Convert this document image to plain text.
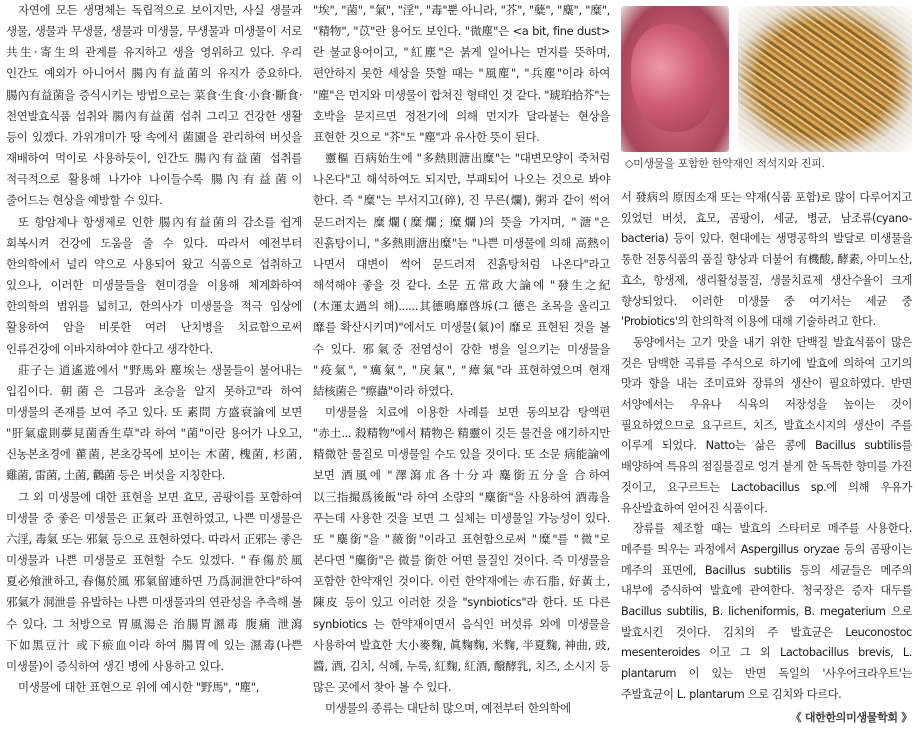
자연에 모든 생명체는 독립적으로 보이지만, 사실 생물과 생물, 생물과 무생물, 생물과 미생물, 무생물과 미생물이 서로 共生·寄生의 관계를 유지하고 생을 영위하고 있다. 우리 인간도 예외가 아니어서 腸內有益菌의 유지가 중요하다. 腸內有益菌을 증식시키는 방법으로는 菜食·生食·小食·斷食·천연발효식품 섭취와 腸內有益菌 섭취 그리고 건강한 생활 등이 있겠다. 가위개미가 땅 속에서 菌園을 관리하여 버섯을 재배하여 먹이로 사용하듯이, 인간도 腸內有益菌 섭취를 적극적으로 활용해 나가야 나이들수록 腸內有益菌이 줄어드는 현상을 예방할 수 있다.

또 항암제나 항생제로 인한 腸內有益菌의 감소를 쉽게 회복시켜 건강에 도움을 줄 수 있다. 따라서 예전부터 한의학에서 널리 약으로 사용되어 왔고 식품으로 섭취하고 있으나, 이러한 미생물들을 현미경을 이용해 체계화하여 한의학의 범위를 넓히고, 한의사가 미생물을 적극 임상에 활용하여 암을 비롯한 여러 난치병을 치료함으로써 인류건강에 이바지하여야 한다고 생각한다.

莊子는 逍遙遊에서 "野馬와 塵埃는 생물들이 불어내는 입김이다. 朝菌은 그믐과 초승을 알지 못하고"라 하여 미생물의 존재를 보여 주고 있다. 또 素問 方盛衰論에 보면 "肝氣虛則夢見菌香生草"라 하여 "菌"이란 용어가 나오고, 신농본초경에 雚菌, 본초강목에 보이는 木菌, 槐菌, 杉菌, 雞菌, 雷菌, 土菌, 鸛菌 등은 버섯을 지칭한다.

그 외 미생물에 대한 표현을 보면 효모, 곰팡이를 포함하여 미생물 중 좋은 미생물은 正氣라 표현하였고, 나쁜 미생물은 六淫, 毒氣 또는 邪氣 등으로 표현하였다. 따라서 正邪는 좋은 미생물과 나쁜 미생물로 표현할 수도 있겠다. "春傷於風 夏必飧泄하고, 春傷於風 邪氣留連하면 乃爲洞泄한다"하여 邪氣가 洞泄를 유발하는 나쁜 미생물과의 연관성을 추측해 볼 수 있다. 그 처방으로 胃風湯은 治腸胃濕毒 腹痛 泄瀉 下如黑豆汁 或下瘀血이라 하여 腸胃에 있는 濕毒(나쁜 미생물)이 증식하여 생긴 병에 사용하고 있다.

미생물에 대한 표현으로 위에 예시한 "野馬", "塵",

"埃", "菌", "氣", "淫", "毒"뿐 아니라, "芥", "糵", "麋", "糜", "精物", "苡"란 용어도 보인다. "微塵"은 <a bit, fine dust>란 불교용어이고, "紅塵"은 붉게 일어나는 먼지를 뜻하며, 편안하지 못한 세상을 뜻할 때는 "風塵", "兵塵"이라 하여 "塵"은 먼지와 미생물이 합쳐진 형태인 것 같다. "琥珀拾芥"는 호박을 문지르면 정전기에 의해 먼지가 달라붙는 현상을 표현한 것으로 "芥"도 "塵"과 유사한 뜻이 된다.

靈樞 百病始生에 "多熱則溏出糜"는 "대변모양이 죽처럼 나온다"고 해석하여도 되지만, 부패되어 나오는 것으로 봐야 한다. 즉 "糜"는 부서지고(碎), 진 무른(爛), 粥과 같이 썩어 문드러지는 糜爛(糜爛; 糜爛)의 뜻을 가지며, "溏"은 진흙탕이니, "多熱則溏出糜"는 "나쁜 미생물에 의해 高熱이 나면서 대변이 썩어 문드러져 진흙탕처럼 나온다"라고 해석해야 좋을 것 같다. 소문 五常政大論에 "發生之紀(木運太過의 해)......其德鳴靡啓坼(그 德은 초목을 울리고 靡를 확산시키며)"에서도 미생물(氣)이 靡로 표현된 것을 볼 수 있다. 邪氣중 전염성이 강한 병을 일으키는 미생물을 "疫氣", "癘氣", "戾氣", "瘴氣"라 표현하였으며 현재 結核菌은 "瘵蟲"이라 하였다.

미생물을 치료에 이용한 사례를 보면 동의보감 탕액편 "赤土... 殺精物"에서 精物은 精靈이 깃든 물건을 얘기하지만 精微한 물질로 미생물일 수도 있을 것이다. 또 소문 病能論에 보면 酒風에 "澤瀉朮各十分과 麋銜五分을 合하여 以三指撮爲後飯"라 하여 소량의 "麋銜"을 사용하여 酒毒을 푸는데 사용한 것을 보면 그 실체는 미생물일 가능성이 있다. 또 "麋銜"을 "薇銜"이라고 표현함으로써 "糜"를 "微"로 본다면 "麋銜"은 微를 銜한 어떤 물질인 것이다. 즉 미생물을 포함한 한약재인 것이다. 이런 한약재에는 赤石脂, 好黃土, 陳皮 등이 있고 이러한 것을 "synbiotics"라 한다. 또 다른 synbiotics 는 한약재이면서 음식인 버섯류 외에 미생물을 사용하여 발효한 大小麥麴, 眞麴麴, 米麴, 半夏麴, 神曲, 豉, 醬, 酒, 김치, 식혜, 누룩, 紅麴, 紅酒, 醱酵乳, 치즈, 소시지 등 많은 곳에서 찾아 볼 수 있다.

미생물의 종류는 대단히 많으며, 예전부터 한의학에

◇미생물을 포함한 한약재인 적석지와 진피.

서 發病의 原因소재 또는 약재(식품 포함)로 많이 다루어지고 있었던 버섯, 효모, 곰팡이, 세균, 병균, 남조류(cyano-bacteria) 등이 있다. 현대에는 생명공학의 발달로 미생물을 통한 전통식품의 품질 향상과 더불어 有機酸, 酵素, 아미노산, 효소, 항생제, 생리활성물질, 생물치료제 생산수율이 크게 향상되었다. 이러한 미생물 중 여기서는 세균 중 'Probiotics'의 한의학적 이용에 대해 기술하려고 한다.

동양에서는 고기 맛을 내기 위한 단백질 발효식품이 많은 것은 담백한 곡류를 주식으로 하기에 발효에 의하여 고기의 맛과 향을 내는 조미료와 장류의 생산이 필요하였다. 반면 서양에서는 우유나 식육의 저장성을 높이는 것이 필요하였으므로 요구르트, 치즈, 발효소시지의 생산이 주를 이루게 되었다. Natto는 삶은 콩에 Bacillus subtilis를 배양하여 특유의 점질물질로 엉겨 붙게 한 독특한 향미를 가진 것이고, 요구르트는 Lactobacillus sp.에 의해 우유가 유산발효하여 얻어진 식품이다.

장류를 제조할 때는 발효의 스타터로 메주를 사용한다. 메주를 띄우는 과정에서 Aspergillus oryzae 등의 곰팡이는 메주의 표면에, Bacillus subtilis 등의 세균들은 메주의 내부에 증식하여 발효에 관여한다. 청국장은 증자 대두를 Bacillus subtilis, B. licheniformis, B. megaterium 으로 발효시킨 것이다. 김치의 주 발효균은 Leuconostoc mesenteroides 이고 그 외 Lactobacillus brevis, L. plantarum 이 있는 반면 독일의 '사우어크라우트'는 주발효균이 L. plantarum 으로 김치와 다르다.

《 대한한의미생물학회 》
